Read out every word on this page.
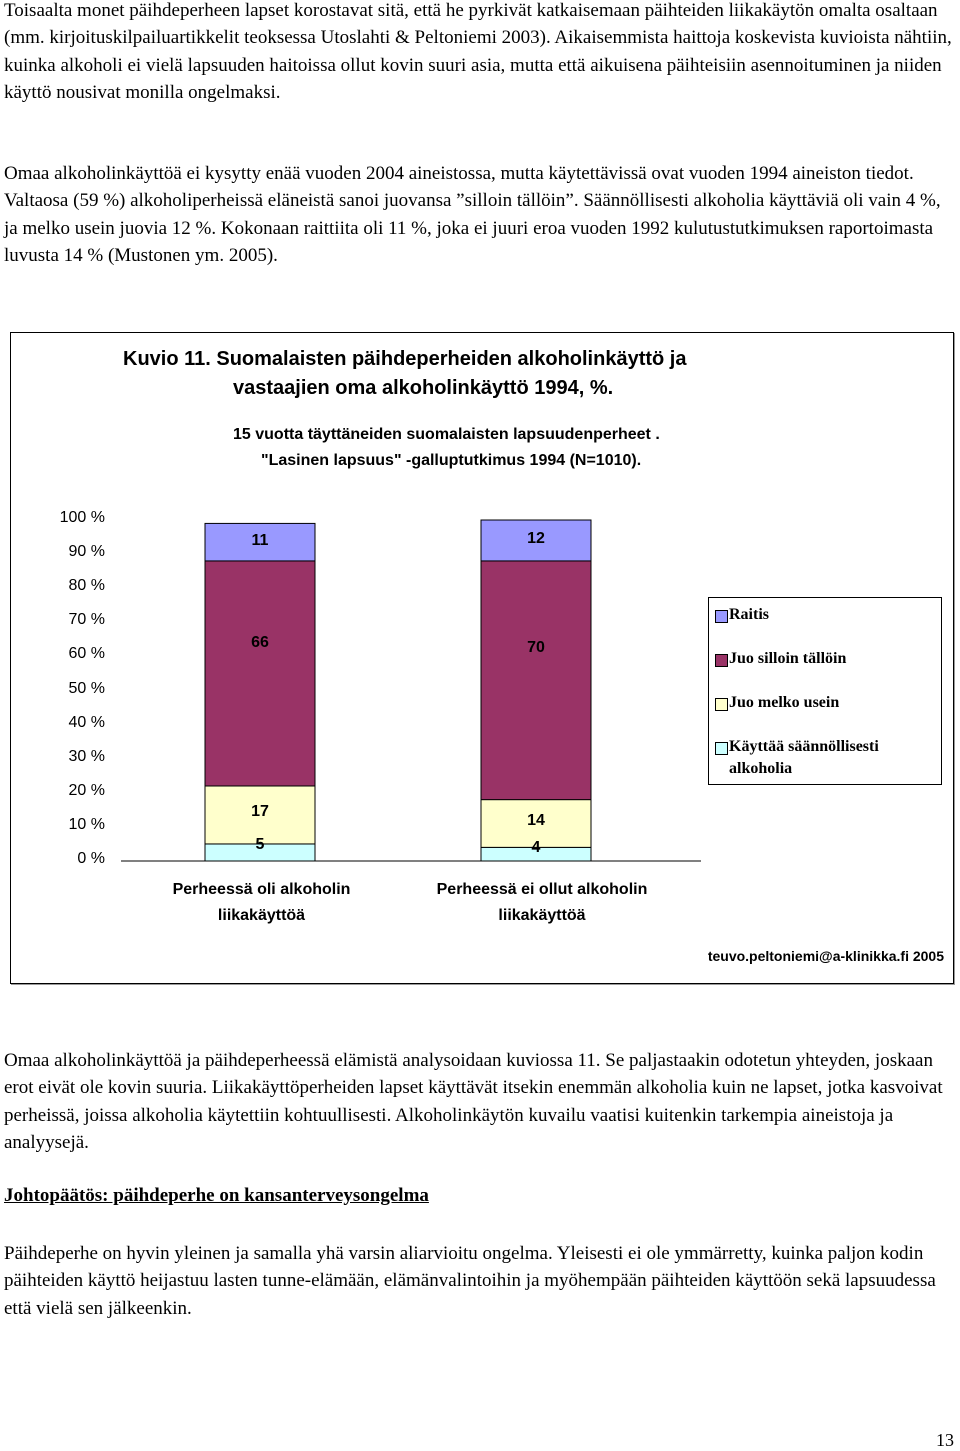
Toisaalta monet päihdeperheen lapset korostavat sitä, että he pyrkivät katkaisemaan päihteiden liikakäytön omalta osaltaan (mm. kirjoituskilpailuartikkelit teoksessa Utoslahti & Peltoniemi 2003). Aikaisemmista haittoja koskevista kuvioista nähtiin, kuinka alkoholi ei vielä lapsuuden haitoissa ollut kovin suuri asia, mutta että aikuisena päihteisiin asennoituminen ja niiden käyttö nousivat monilla ongelmaksi.

Omaa alkoholinkäyttöä ei kysytty enää vuoden 2004 aineistossa, mutta käytettävissä ovat vuoden 1994 aineiston tiedot. Valtaosa (59 %) alkoholiperheissä eläneistä sanoi juovansa ”silloin tällöin”. Säännöllisesti alkoholia käyttäviä oli vain 4 %, ja melko usein juovia 12 %. Kokonaan raittiita oli 11 %, joka ei juuri eroa vuoden 1992 kulutustutkimuksen raportoimasta luvusta 14 % (Mustonen ym. 2005).

Kuvio 11. Suomalaisten päihdeperheiden alkoholinkäyttö ja
vastaajien oma alkoholinkäyttö 1994, %.
15 vuotta täyttäneiden suomalaisten lapsuudenperheet .
"Lasinen lapsuus" -galluptutkimus 1994 (N=1010).
0 %
10 %
20 %
30 %
40 %
50 %
60 %
70 %
80 %
90 %
100 %
5
17
66
11
4
14
70
12
Perheessä oli alkoholin liikakäyttöä
Perheessä ei ollut alkoholin liikakäyttöä
Raitis
Juo silloin tällöin
Juo melko usein
Käyttää säännöllisesti alkoholia
teuvo.peltoniemi@a-klinikka.fi 2005

Omaa alkoholinkäyttöä ja päihdeperheessä elämistä analysoidaan kuviossa 11. Se paljastaakin odotetun yhteyden, joskaan erot eivät ole kovin suuria. Liikakäyttöperheiden lapset käyttävät itsekin enemmän alkoholia kuin ne lapset, jotka kasvoivat perheissä, joissa alkoholia käytettiin kohtuullisesti. Alkoholinkäytön kuvailu vaatisi kuitenkin tarkempia aineistoja ja analyysejä.

Johtopäätös: päihdeperhe on kansanterveysongelma

Päihdeperhe on hyvin yleinen ja samalla yhä varsin aliarvioitu ongelma. Yleisesti ei ole ymmärretty, kuinka paljon kodin päihteiden käyttö heijastuu lasten tunne-elämään, elämänvalintoihin ja myöhempään päihteiden käyttöön sekä lapsuudessa että vielä sen jälkeenkin.

13
